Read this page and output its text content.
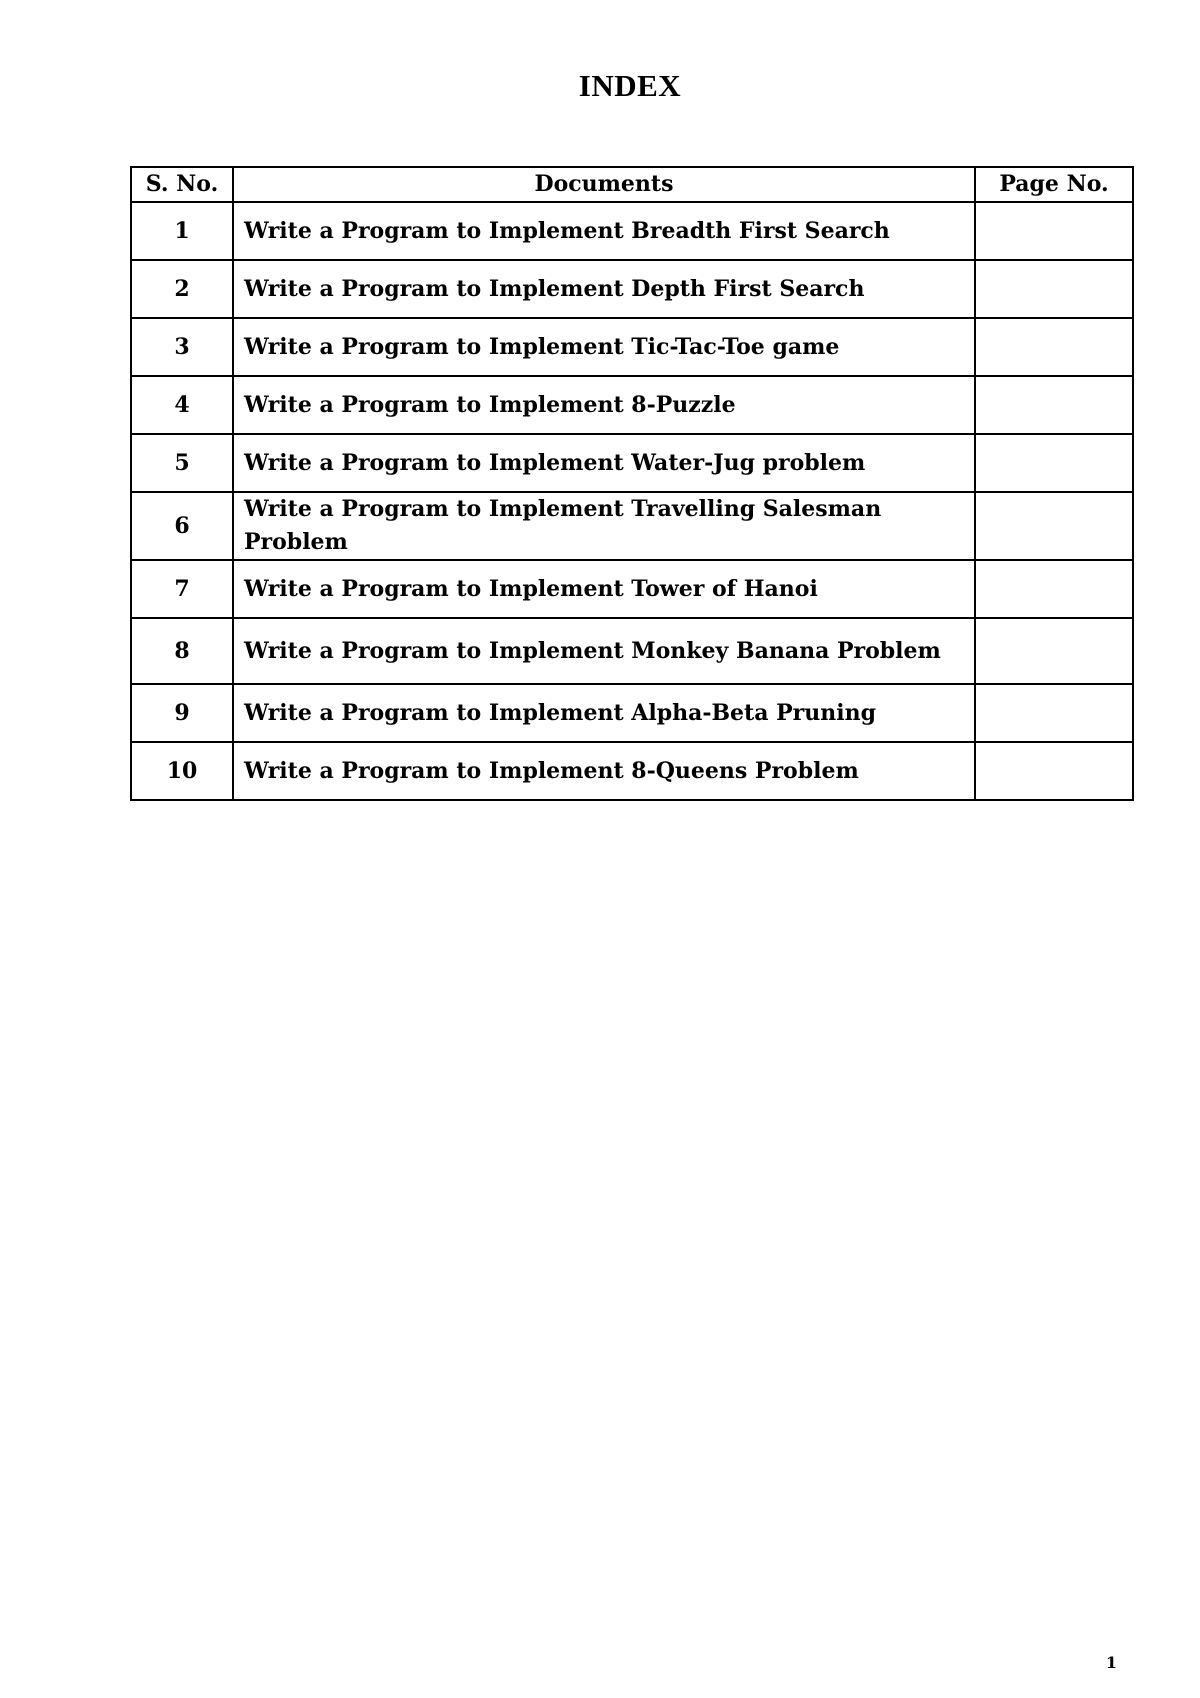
INDEX
S. No.	Documents	Page No.
1	Write a Program to Implement Breadth First Search	
2	Write a Program to Implement Depth First Search	
3	Write a Program to Implement Tic-Tac-Toe game	
4	Write a Program to Implement 8-Puzzle	
5	Write a Program to Implement Water-Jug problem	
6	Write a Program to Implement Travelling Salesman Problem	
7	Write a Program to Implement Tower of Hanoi	
8	Write a Program to Implement Monkey Banana Problem	
9	Write a Program to Implement Alpha-Beta Pruning	
10	Write a Program to Implement 8-Queens Problem	
1
